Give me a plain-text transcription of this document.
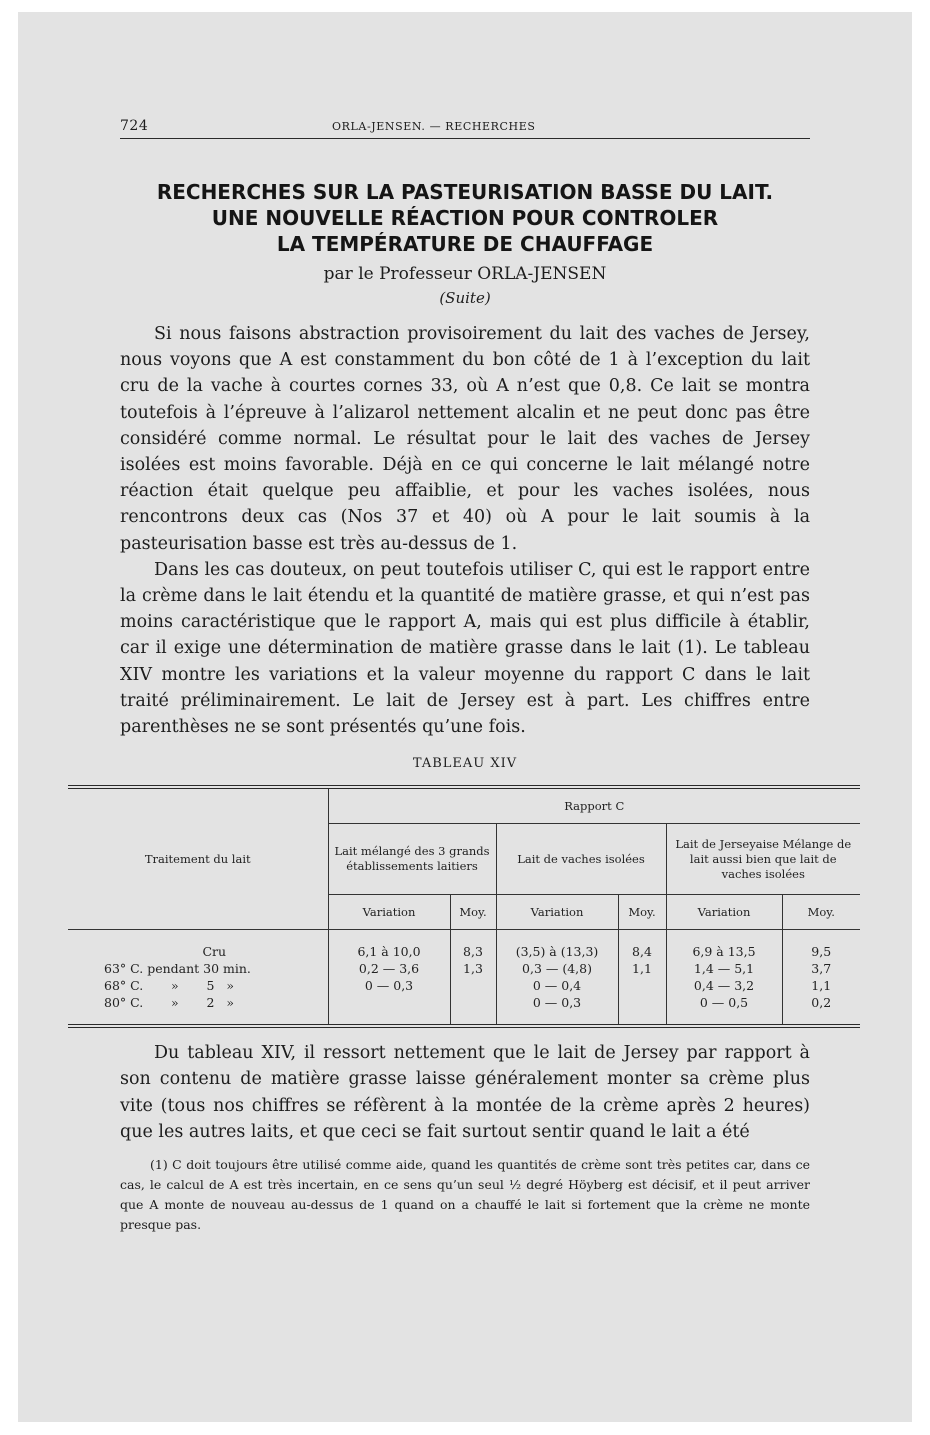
724	ORLA-JENSEN. — RECHERCHES
RECHERCHES SUR LA PASTEURISATION BASSE DU LAIT.
UNE NOUVELLE RÉACTION POUR CONTROLER
LA TEMPÉRATURE DE CHAUFFAGE
par le Professeur ORLA-JENSEN
(Suite)

Si nous faisons abstraction provisoirement du lait des vaches de Jersey, nous voyons que A est constamment du bon côté de 1 à l’exception du lait cru de la vache à courtes cornes 33, où A n’est que 0,8. Ce lait se montra toutefois à l’épreuve à l’alizarol nettement alcalin et ne peut donc pas être considéré comme normal. Le résultat pour le lait des vaches de Jersey isolées est moins favorable. Déjà en ce qui concerne le lait mélangé notre réaction était quelque peu affaiblie, et pour les vaches isolées, nous rencontrons deux cas (Nos 37 et 40) où A pour le lait soumis à la pasteurisation basse est très au-dessus de 1.

Dans les cas douteux, on peut toutefois utiliser C, qui est le rapport entre la crème dans le lait étendu et la quantité de matière grasse, et qui n’est pas moins caractéristique que le rapport A, mais qui est plus difficile à établir, car il exige une détermination de matière grasse dans le lait (1). Le tableau XIV montre les variations et la valeur moyenne du rapport C dans le lait traité préliminairement. Le lait de Jersey est à part. Les chiffres entre parenthèses ne se sont présentés qu’une fois.

TABLEAU XIV
Traitement du lait	Rapport C					
	Lait mélangé des 3 grands établissements laitiers		Lait de vaches isolées		Lait de Jerseyaise Mélange de lait aussi bien que lait de vaches isolées	
	Variation	Moy.	Variation	Moy.	Variation	Moy.
Cru	6,1 à 10,0	8,3	(3,5) à (13,3)	8,4	6,9 à 13,5	9,5
63° C. pendant 30 min.	0,2 — 3,6	1,3	0,3 — (4,8)	1,1	1,4 — 5,1	3,7
68° C.       »       5   »	0 — 0,3		0 — 0,4		0,4 — 3,2	1,1
80° C.       »       2   »			0 — 0,3		0 — 0,5	0,2

Du tableau XIV, il ressort nettement que le lait de Jersey par rapport à son contenu de matière grasse laisse généralement monter sa crème plus vite (tous nos chiffres se réfèrent à la montée de la crème après 2 heures) que les autres laits, et que ceci se fait surtout sentir quand le lait a été

(1) C doit toujours être utilisé comme aide, quand les quantités de crème sont très petites car, dans ce cas, le calcul de A est très incertain, en ce sens qu’un seul ½ degré Höyberg est décisif, et il peut arriver que A monte de nouveau au-dessus de 1 quand on a chauffé le lait si fortement que la crème ne monte presque pas.
